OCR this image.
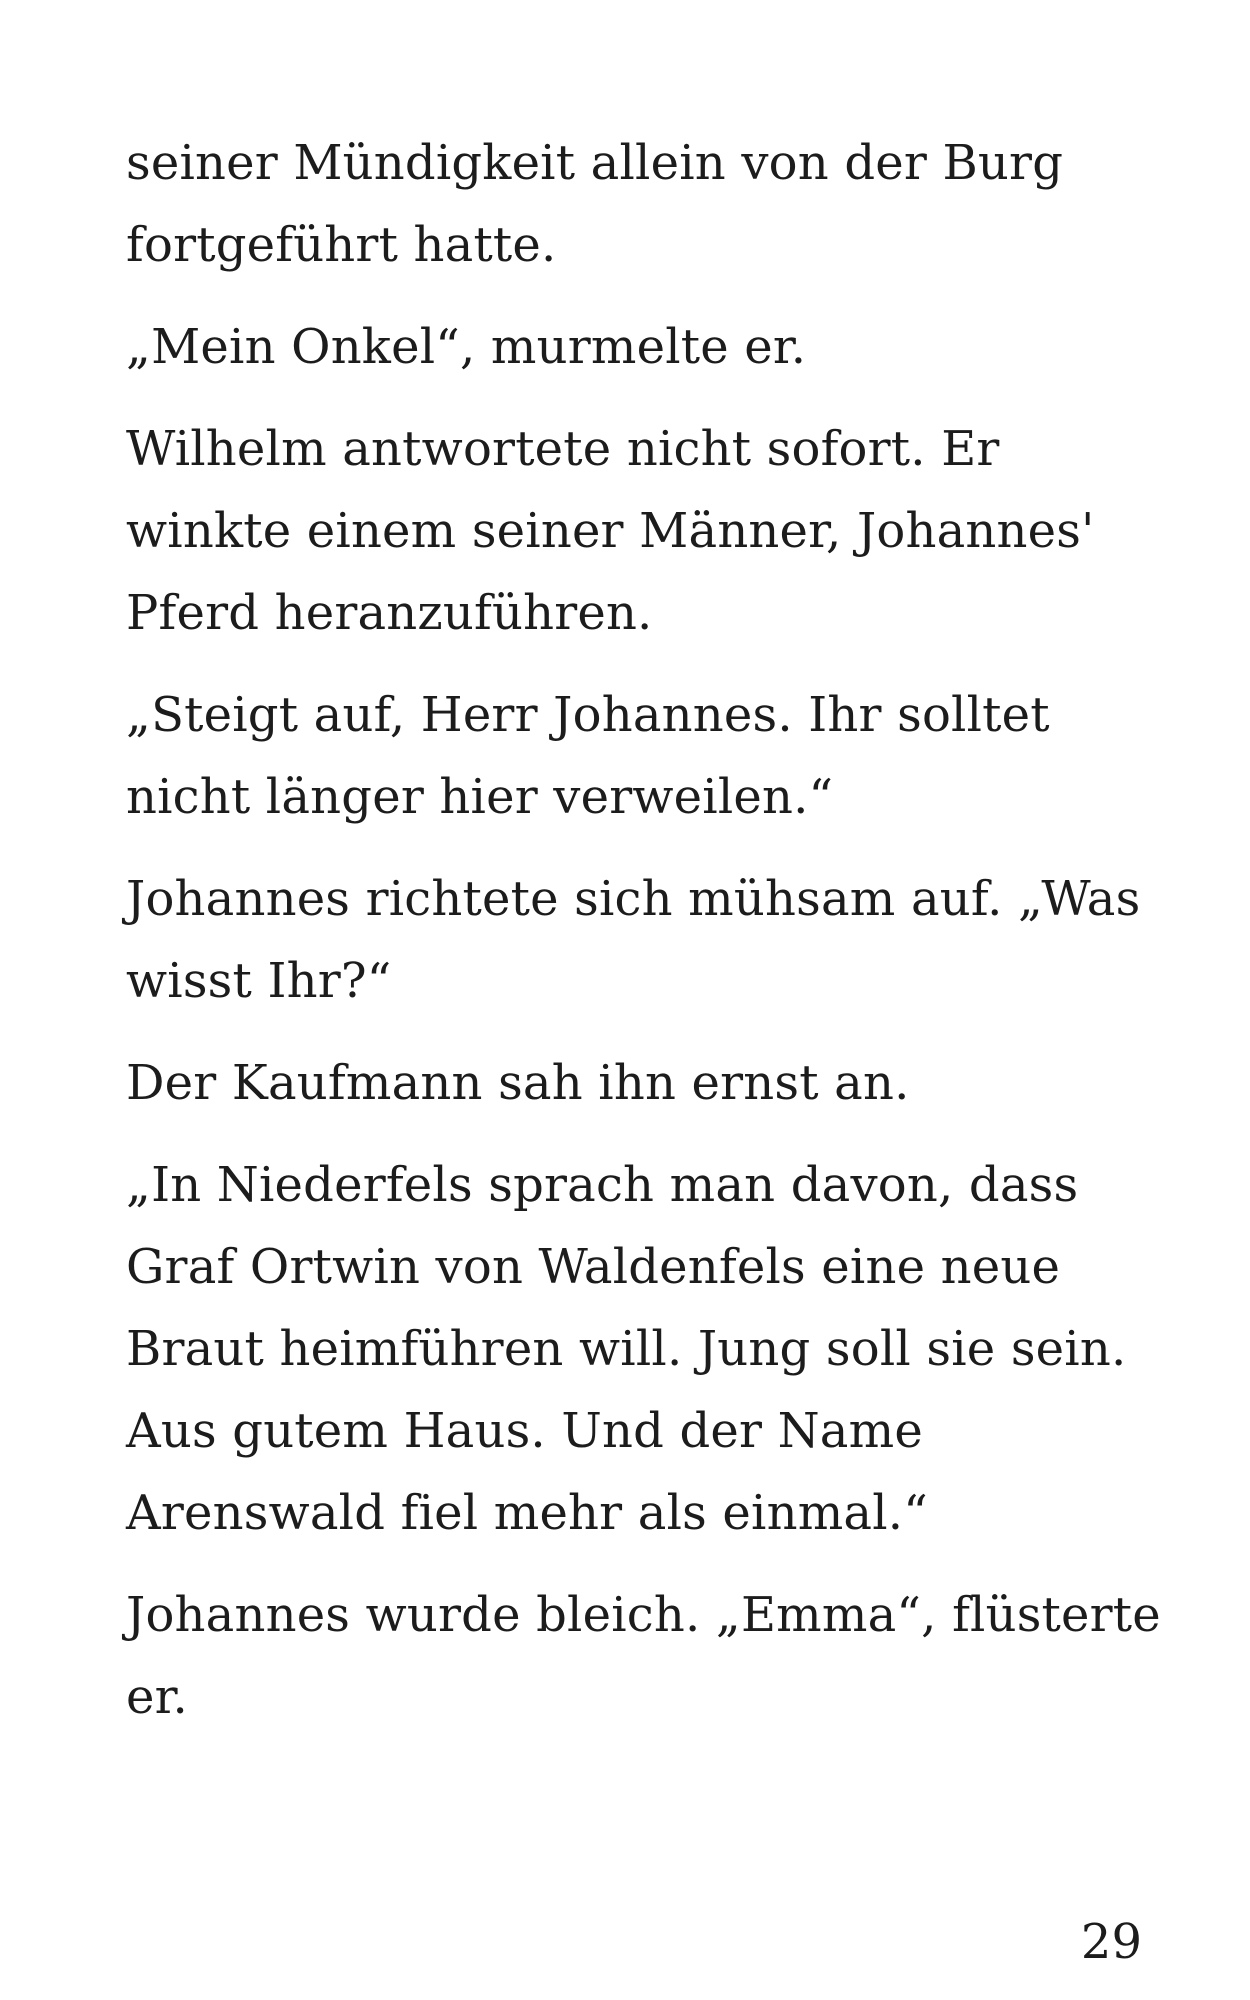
seiner Mündigkeit allein von der Burg
fortgeführt hatte.
„Mein Onkel“, murmelte er.
Wilhelm antwortete nicht sofort. Er
winkte einem seiner Männer, Johannes'
Pferd heranzuführen.
„Steigt auf, Herr Johannes. Ihr solltet
nicht länger hier verweilen.“
Johannes richtete sich mühsam auf. „Was
wisst Ihr?“
Der Kaufmann sah ihn ernst an.
„In Niederfels sprach man davon, dass
Graf Ortwin von Waldenfels eine neue
Braut heimführen will. Jung soll sie sein.
Aus gutem Haus. Und der Name
Arenswald fiel mehr als einmal.“
Johannes wurde bleich. „Emma“, flüsterte
er.
29
